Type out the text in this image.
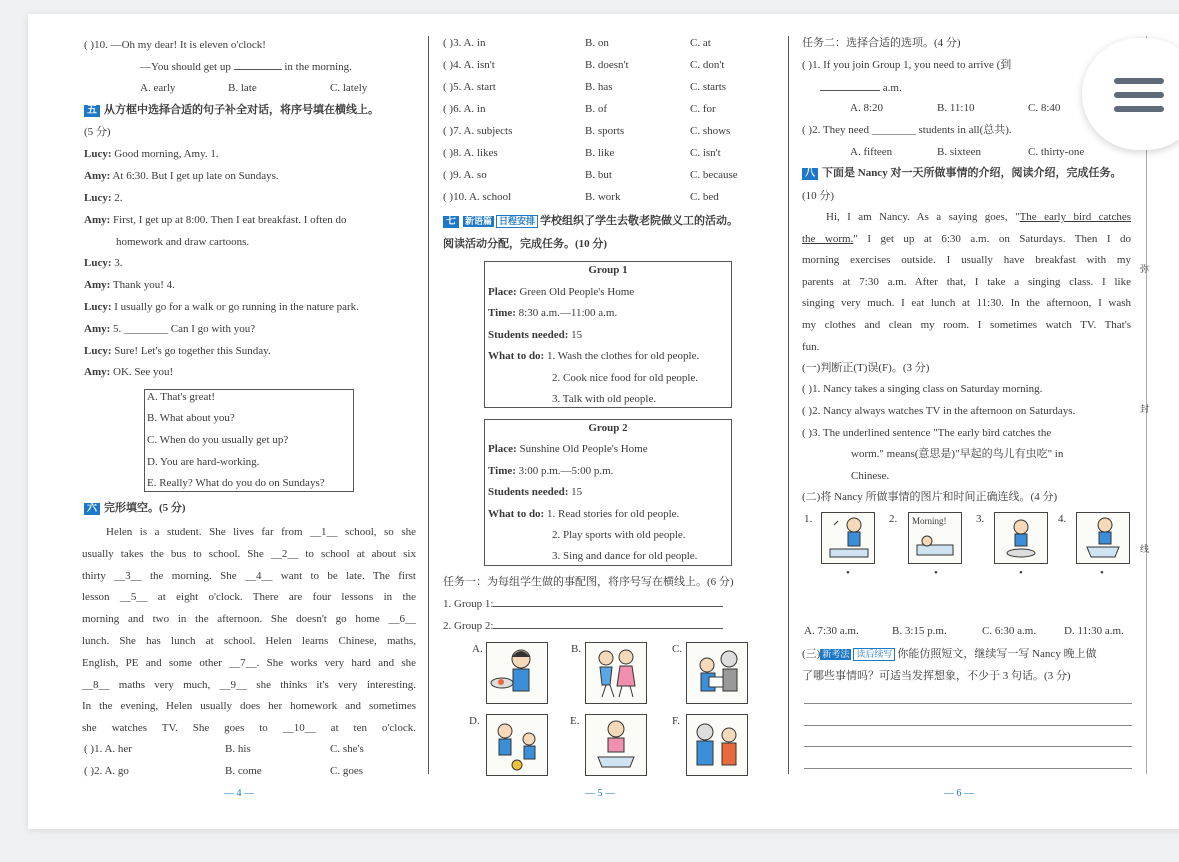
( )10. —Oh my dear! It is eleven o'clock!
—You should get up	in the morning.
A. early	B. late	C. lately
五 从方框中选择合适的句子补全对话，将序号填在横线上。
(5 分)
Lucy: Good morning, Amy. 1.
Amy: At 6:30. But I get up late on Sundays.
Lucy: 2.
Amy: First, I get up at 8:00. Then I eat breakfast. I often do
homework and draw cartoons.
Lucy: 3.
Amy: Thank you! 4.
Lucy: I usually go for a walk or go running in the nature park.
Amy: 5. ________ Can I go with you?
Lucy: Sure! Let's go together this Sunday.
Amy: OK. See you!
A. That's great!
B. What about you?
C. When do you usually get up?
D. You are hard-working.
E. Really? What do you do on Sundays?
六 完形填空。(5 分)
Helen is a student. She lives far from __1__ school, so she
usually takes the bus to school. She __2__ to school at about six
thirty __3__ the morning. She __4__ want to be late. The first
lesson __5__ at eight o'clock. There are four lessons in the
morning and two in the afternoon. She doesn't go home __6__
lunch. She has lunch at school. Helen learns Chinese, maths,
English, PE and some other __7__. She works very hard and she
__8__ maths very much, __9__ she thinks it's very interesting.
In the evening, Helen usually does her homework and sometimes
she watches TV. She goes to __10__ at ten o'clock.
( )1. A. her	B. his	C. she's
( )2. A. go	B. come	C. goes
— 4 —
( )3. A. in	B. on	C. at
( )4. A. isn't	B. doesn't	C. don't
( )5. A. start	B. has	C. starts
( )6. A. in	B. of	C. for
( )7. A. subjects	B. sports	C. shows
( )8. A. likes	B. like	C. isn't
( )9. A. so	B. but	C. because
( )10. A. school	B. work	C. bed
七 新语篇 日程安排 学校组织了学生去敬老院做义工的活动。
阅读活动分配，完成任务。(10 分)
Group 1
Place: Green Old People's Home
Time: 8:30 a.m.—11:00 a.m.
Students needed: 15
What to do: 1. Wash the clothes for old people.
2. Cook nice food for old people.
3. Talk with old people.
Group 2
Place: Sunshine Old People's Home
Time: 3:00 p.m.—5:00 p.m.
Students needed: 15
What to do: 1. Read stories for old people.
2. Play sports with old people.
3. Sing and dance for old people.
任务一：为每组学生做的事配图，将序号写在横线上。(6 分)
1. Group 1:
2. Group 2:
A.	B.	C.
D.	E.	F.
— 5 —
任务二：选择合适的选项。(4 分)
( )1. If you join Group 1, you need to arrive (到
a.m.
A. 8:20	B. 11:10	C. 8:40
( )2. They need ________ students in all(总共).
A. fifteen	B. sixteen	C. thirty-one
八 下面是 Nancy 对一天所做事情的介绍，阅读介绍，完成任务。
(10 分)
Hi, I am Nancy. As a saying goes, "The early bird catches
the worm." I get up at 6:30 a.m. on Saturdays. Then I do
morning exercises outside. I usually have breakfast with my
parents at 7:30 a.m. After that, I take a singing class. I like
singing very much. I eat lunch at 11:30. In the afternoon, I wash
my clothes and clean my room. I sometimes watch TV. That's
fun.
(一)判断正(T)误(F)。(3 分)
( )1. Nancy takes a singing class on Saturday morning.
( )2. Nancy always watches TV in the afternoon on Saturdays.
( )3. The underlined sentence "The early bird catches the
worm." means(意思是)"早起的鸟儿有虫吃" in
Chinese.
(二)将 Nancy 所做事情的图片和时间正确连线。(4 分)
1.	2. Morning!	3.	4.
•	•	•	•
A. 7:30 a.m.	B. 3:15 p.m.	C. 6:30 a.m.	D. 11:30 a.m.
(三) 新考法 读后续写 你能仿照短文，继续写一写 Nancy 晚上做
了哪些事情吗？可适当发挥想象，不少于 3 句话。(3 分)
弥
封
线
— 6 —
